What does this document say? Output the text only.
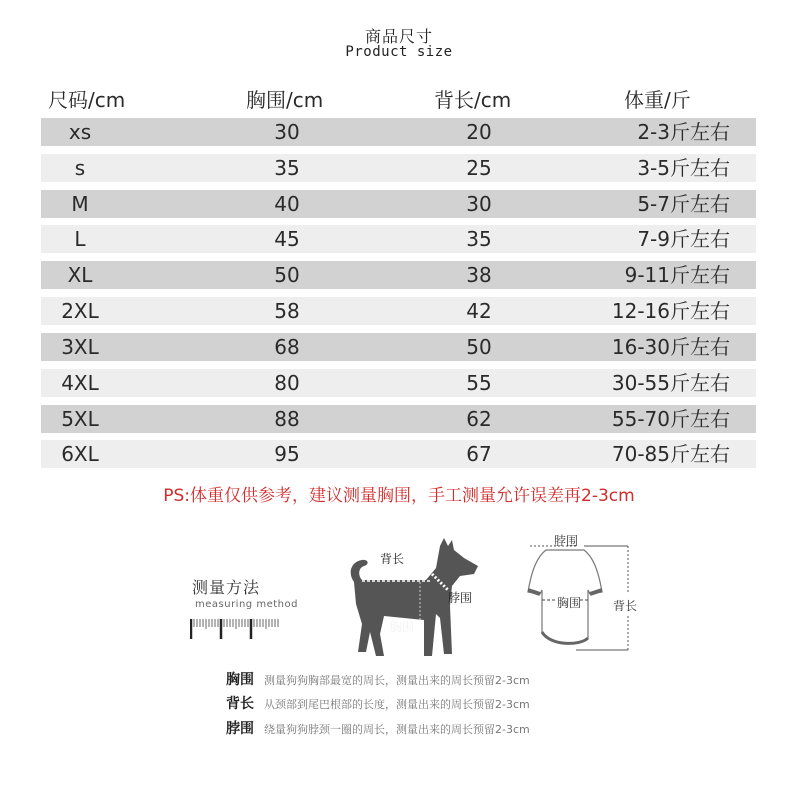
商品尺寸
Product size
尺码/cm	胸围/cm	背长/cm	体重/斤
xs	30	20	2-3斤左右
s	35	25	3-5斤左右
M	40	30	5-7斤左右
L	45	35	7-9斤左右
XL	50	38	9-11斤左右
2XL	58	42	12-16斤左右
3XL	68	50	16-30斤左右
4XL	80	55	30-55斤左右
5XL	88	62	55-70斤左右
6XL	95	67	70-85斤左右
PS:体重仅供参考，建议测量胸围，手工测量允许误差再2-3cm
测量方法
measuring method
背长
脖围
胸围
脖围
胸围	背长
胸围 测量狗狗胸部最宽的周长，测量出来的周长预留2-3cm
背长 从颈部到尾巴根部的长度，测量出来的周长预留2-3cm
脖围 绕量狗狗脖颈一圈的周长，测量出来的周长预留2-3cm
